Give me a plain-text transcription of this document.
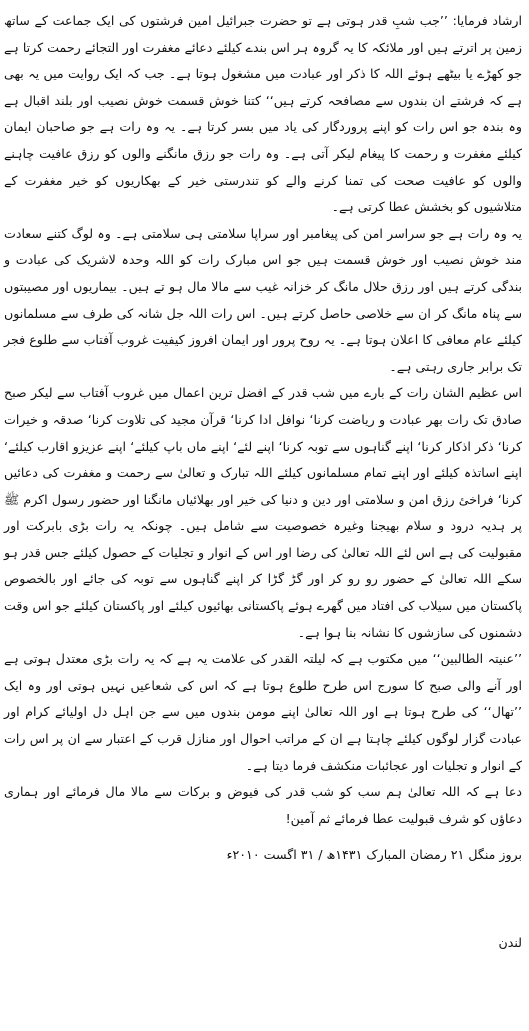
ارشاد فرمایا: ’’جب شبِ قدر ہوتی ہے تو حضرت جبرائیل امین فرشتوں کی ایک جماعت کے ساتھ زمین پر اترتے ہیں اور ملائکہ کا یہ گروہ ہر اس بندے کیلئے دعائے مغفرت اور التجائے رحمت کرتا ہے جو کھڑے یا بیٹھے ہوئے اللہ کا ذکر اور عبادت میں مشغول ہوتا ہے۔ جب کہ ایک روایت میں یہ بھی ہے کہ فرشتے ان بندوں سے مصافحہ کرتے ہیں‘‘ کتنا خوش قسمت خوش نصیب اور بلند اقبال ہے وہ بندہ جو اس رات کو اپنے پروردگار کی یاد میں بسر کرتا ہے۔ یہ وہ رات ہے جو صاحبان ایمان کیلئے مغفرت و رحمت کا پیغام لیکر آتی ہے۔ وہ رات جو رزق مانگنے والوں کو رزق عافیت چاہنے والوں کو عافیت صحت کی تمنا کرنے والے کو تندرستی خیر کے بھکاریوں کو خیر مغفرت کے متلاشیوں کو بخشش عطا کرتی ہے۔

یہ وہ رات ہے جو سراسر امن کی پیغامبر اور سراپا سلامتی ہی سلامتی ہے۔ وہ لوگ کتنے سعادت مند خوش نصیب اور خوش قسمت ہیں جو اس مبارک رات کو اللہ وحدہ لاشریک کی عبادت و بندگی کرتے ہیں اور رزق حلال مانگ کر خزانہ غیب سے مالا مال ہو تے ہیں۔ بیماریوں اور مصیبتوں سے پناہ مانگ کر ان سے خلاصی حاصل کرتے ہیں۔ اس رات اللہ جل شانہ کی طرف سے مسلمانوں کیلئے عام معافی کا اعلان ہوتا ہے۔ یہ روح پرور اور ایمان افروز کیفیت غروب آفتاب سے طلوع فجر تک برابر جاری رہتی ہے۔

اس عظیم الشان رات کے بارے میں شب قدر کے افضل ترین اعمال میں غروب آفتاب سے لیکر صبح صادق تک رات بھر عبادت و ریاضت کرنا‘ نوافل ادا کرنا‘ قرآن مجید کی تلاوت کرنا‘ صدقہ و خیرات کرنا‘ ذکر اذکار کرنا‘ اپنے گناہوں سے توبہ کرنا‘ اپنے لئے‘ اپنے ماں باپ کیلئے‘ اپنے عزیزو اقارب کیلئے‘ اپنے اساتذہ کیلئے اور اپنے تمام مسلمانوں کیلئے اللہ تبارک و تعالیٰ سے رحمت و مغفرت کی دعائیں کرنا‘ فراخئ رزق امن و سلامتی اور دین و دنیا کی خیر اور بھلائیاں مانگنا اور حضور رسول اکرم ﷺ پر ہدیہ درود و سلام بھیجنا وغیرہ خصوصیت سے شامل ہیں۔ چونکہ یہ رات بڑی بابرکت اور مقبولیت کی ہے اس لئے اللہ تعالیٰ کی رضا اور اس کے انوار و تجلیات کے حصول کیلئے جس قدر ہو سکے اللہ تعالیٰ کے حضور رو رو کر اور گڑ گڑا کر اپنے گناہوں سے توبہ کی جائے اور بالخصوص پاکستان میں سیلاب کی افتاد میں گھرے ہوئے پاکستانی بھائیوں کیلئے اور پاکستان کیلئے جو اس وقت دشمنوں کی سازشوں کا نشانہ بنا ہوا ہے۔

’’عنیتہ الطالبین‘‘ میں مکتوب ہے کہ لیلتہ القدر کی علامت یہ ہے کہ یہ رات بڑی معتدل ہوتی ہے اور آنے والی صبح کا سورج اس طرح طلوع ہوتا ہے کہ اس کی شعاعیں نہیں ہوتی اور وہ ایک ’’تھال‘‘ کی طرح ہوتا ہے اور اللہ تعالیٰ اپنے مومن بندوں میں سے جن اہل دل اولیائے کرام اور عبادت گزار لوگوں کیلئے چاہتا ہے ان کے مراتب احوال اور منازل قرب کے اعتبار سے ان پر اس رات کے انوار و تجلیات اور عجائبات منکشف فرما دیتا ہے۔

دعا ہے کہ اللہ تعالیٰ ہم سب کو شب قدر کی فیوض و برکات سے مالا مال فرمائے اور ہماری دعاؤں کو شرف قبولیت عطا فرمائے ثم آمین!

بروز منگل ۲۱ رمضان المبارک ۱۴۳۱ھ / ۳۱ اگست ۲۰۱۰ء
لندن
